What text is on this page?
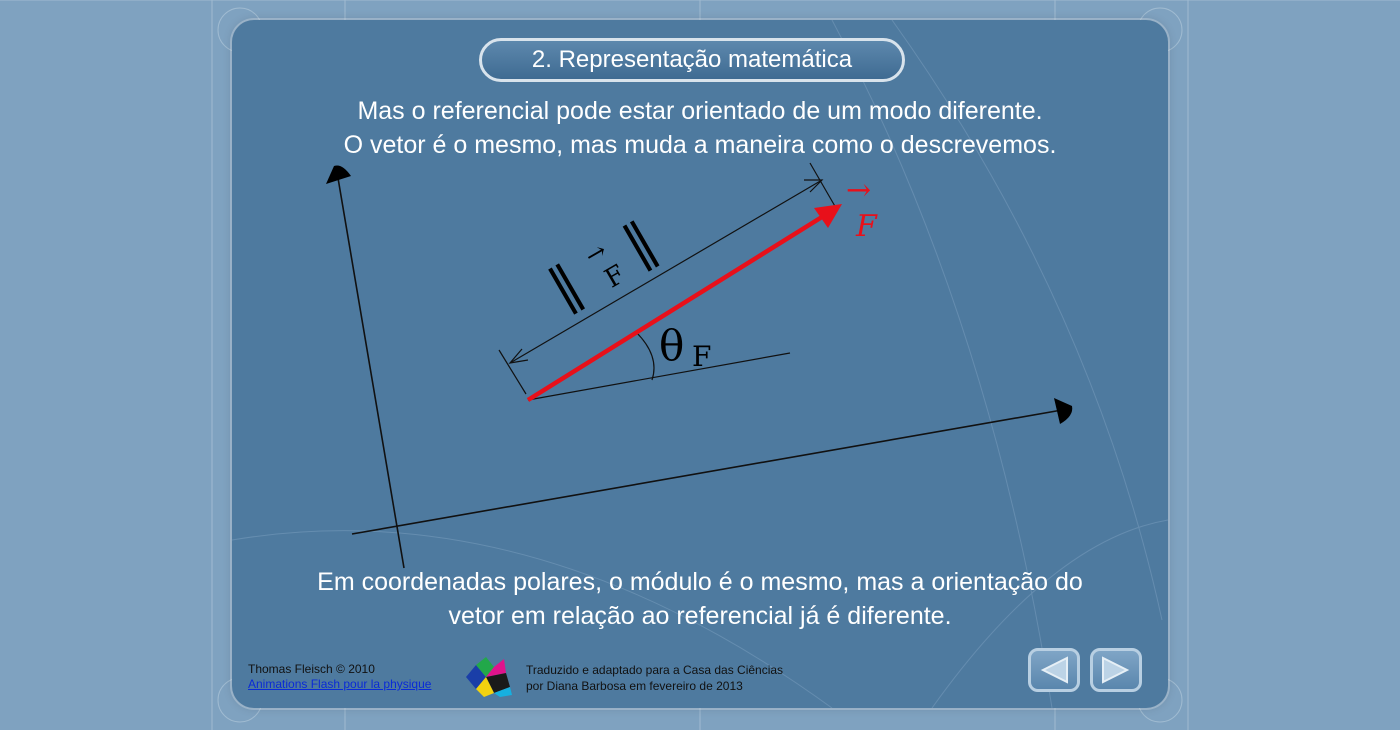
2. Representação matemática
Mas o referencial pode estar orientado de um modo diferente.
O vetor é o mesmo, mas muda a maneira como o descrevemos.
→
F
‖
→
F
‖
θ F
Em coordenadas polares, o módulo é o mesmo, mas a orientação do
vetor em relação ao referencial já é diferente.
Thomas Fleisch © 2010
Animations Flash pour la physique
Traduzido e adaptado para a Casa das Ciências
por Diana Barbosa em fevereiro de 2013
